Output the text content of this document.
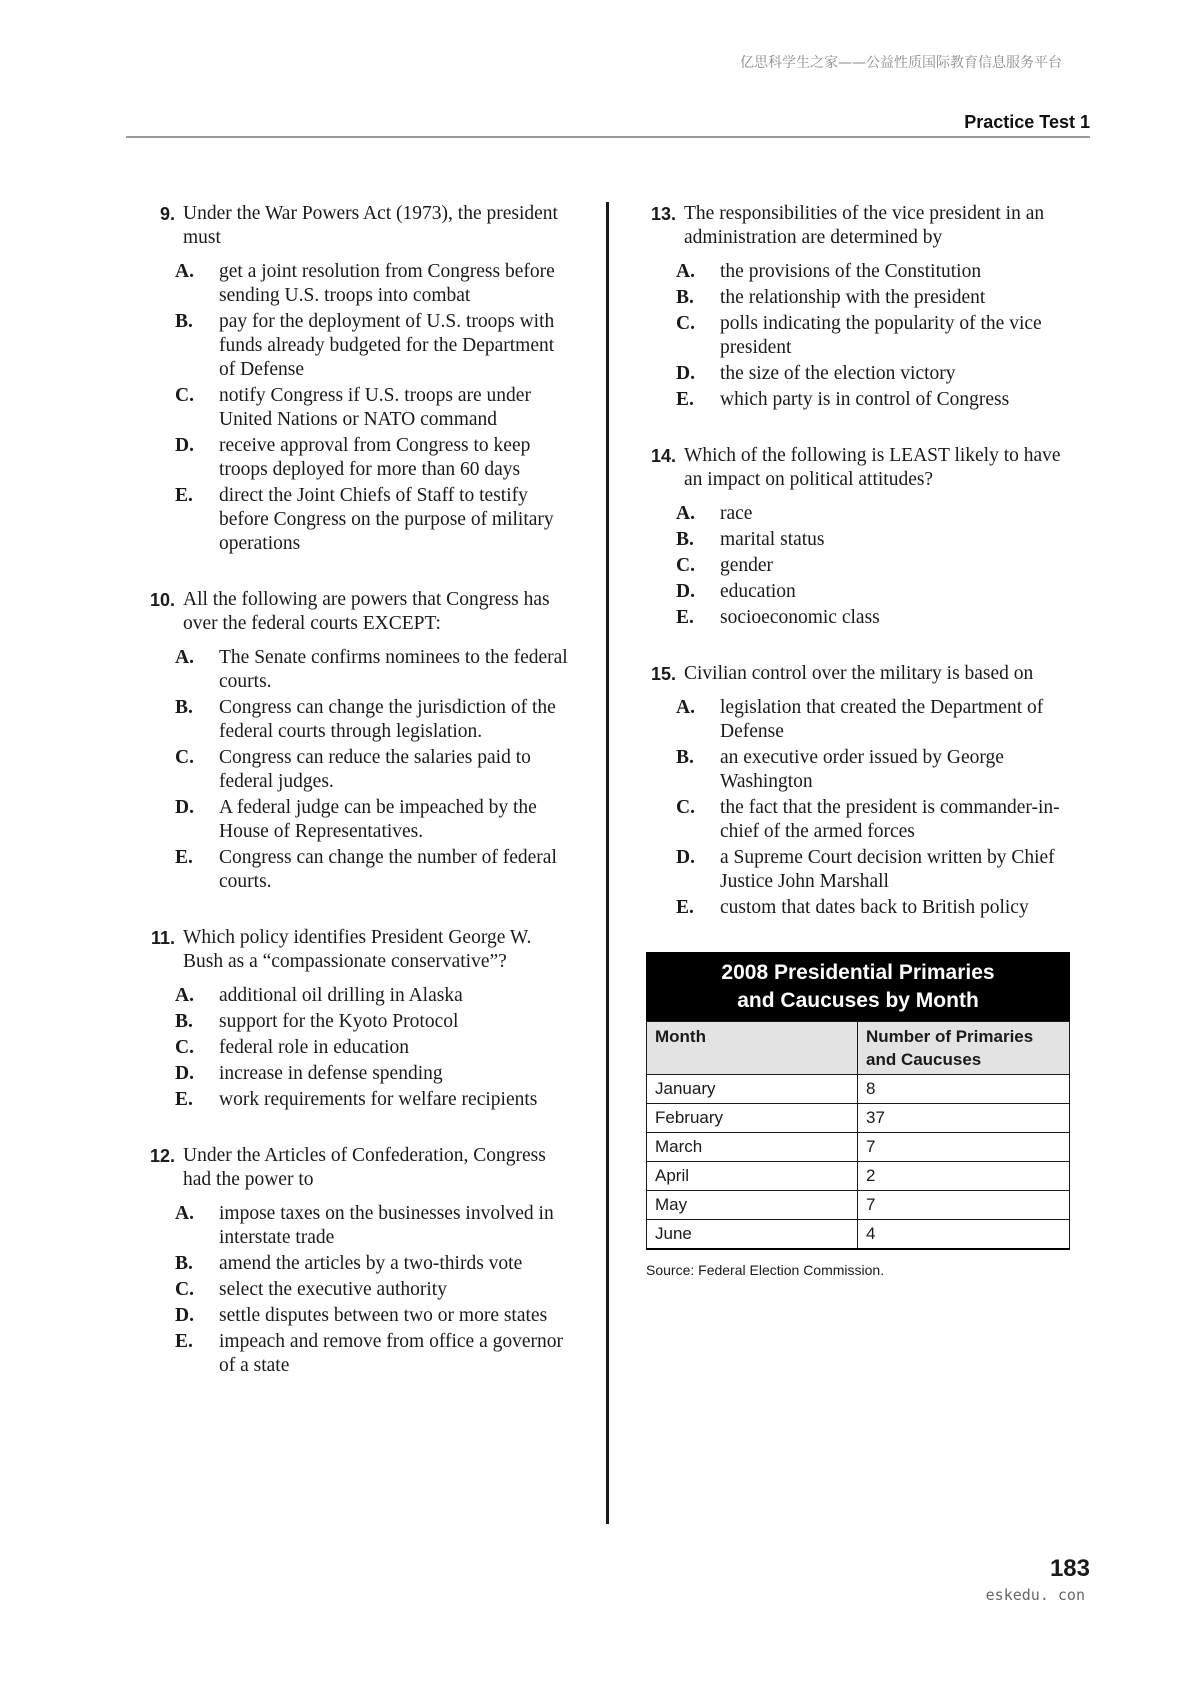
亿思科学生之家——公益性质国际教育信息服务平台
Practice Test 1
9. Under the War Powers Act (1973), the president must
A.	get a joint resolution from Congress before sending U.S. troops into combat
B.	pay for the deployment of U.S. troops with funds already budgeted for the Department of Defense
C.	notify Congress if U.S. troops are under United Nations or NATO command
D.	receive approval from Congress to keep troops deployed for more than 60 days
E.	direct the Joint Chiefs of Staff to testify before Congress on the purpose of military operations
10. All the following are powers that Congress has over the federal courts EXCEPT:
A.	The Senate confirms nominees to the federal courts.
B.	Congress can change the jurisdiction of the federal courts through legislation.
C.	Congress can reduce the salaries paid to federal judges.
D.	A federal judge can be impeached by the House of Representatives.
E.	Congress can change the number of federal courts.
11. Which policy identifies President George W. Bush as a “compassionate conservative”?
A.	additional oil drilling in Alaska
B.	support for the Kyoto Protocol
C.	federal role in education
D.	increase in defense spending
E.	work requirements for welfare recipients
12. Under the Articles of Confederation, Congress had the power to
A.	impose taxes on the businesses involved in interstate trade
B.	amend the articles by a two-thirds vote
C.	select the executive authority
D.	settle disputes between two or more states
E.	impeach and remove from office a governor of a state
13. The responsibilities of the vice president in an administration are determined by
A.	the provisions of the Constitution
B.	the relationship with the president
C.	polls indicating the popularity of the vice president
D.	the size of the election victory
E.	which party is in control of Congress
14. Which of the following is LEAST likely to have an impact on political attitudes?
A.	race
B.	marital status
C.	gender
D.	education
E.	socioeconomic class
15. Civilian control over the military is based on
A.	legislation that created the Department of Defense
B.	an executive order issued by George Washington
C.	the fact that the president is commander-in-chief of the armed forces
D.	a Supreme Court decision written by Chief Justice John Marshall
E.	custom that dates back to British policy
2008 Presidential Primaries
and Caucuses by Month
Month	Number of Primaries and Caucuses
January	8
February	37
March	7
April	2
May	7
June	4
Source: Federal Election Commission.
183
eskedu. con
